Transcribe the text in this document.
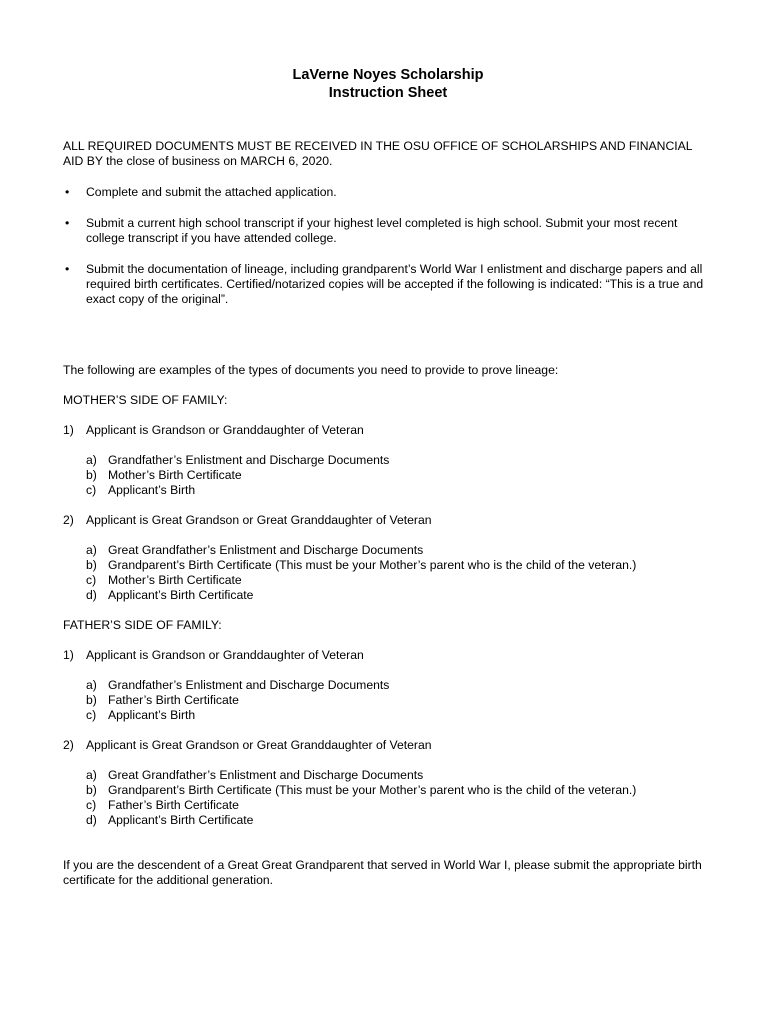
LaVerne Noyes Scholarship
Instruction Sheet

ALL REQUIRED DOCUMENTS MUST BE RECEIVED IN THE OSU OFFICE OF SCHOLARSHIPS AND FINANCIAL AID BY the close of business on MARCH 6, 2020.

• Complete and submit the attached application.
• Submit a current high school transcript if your highest level completed is high school. Submit your most recent college transcript if you have attended college.
• Submit the documentation of lineage, including grandparent’s World War I enlistment and discharge papers and all required birth certificates. Certified/notarized copies will be accepted if the following is indicated: “This is a true and exact copy of the original”.
The following are examples of the types of documents you need to provide to prove lineage:
MOTHER’S SIDE OF FAMILY:
1) Applicant is Grandson or Granddaughter of Veteran
a) Grandfather’s Enlistment and Discharge Documents
b) Mother’s Birth Certificate
c) Applicant’s Birth
2) Applicant is Great Grandson or Great Granddaughter of Veteran
a) Great Grandfather’s Enlistment and Discharge Documents
b) Grandparent’s Birth Certificate (This must be your Mother’s parent who is the child of the veteran.)
c) Mother’s Birth Certificate
d) Applicant’s Birth Certificate
FATHER’S SIDE OF FAMILY:
1) Applicant is Grandson or Granddaughter of Veteran
a) Grandfather’s Enlistment and Discharge Documents
b) Father’s Birth Certificate
c) Applicant’s Birth
2) Applicant is Great Grandson or Great Granddaughter of Veteran
a) Great Grandfather’s Enlistment and Discharge Documents
b) Grandparent’s Birth Certificate (This must be your Mother’s parent who is the child of the veteran.)
c) Father’s Birth Certificate
d) Applicant’s Birth Certificate

If you are the descendent of a Great Great Grandparent that served in World War I, please submit the appropriate birth certificate for the additional generation.
